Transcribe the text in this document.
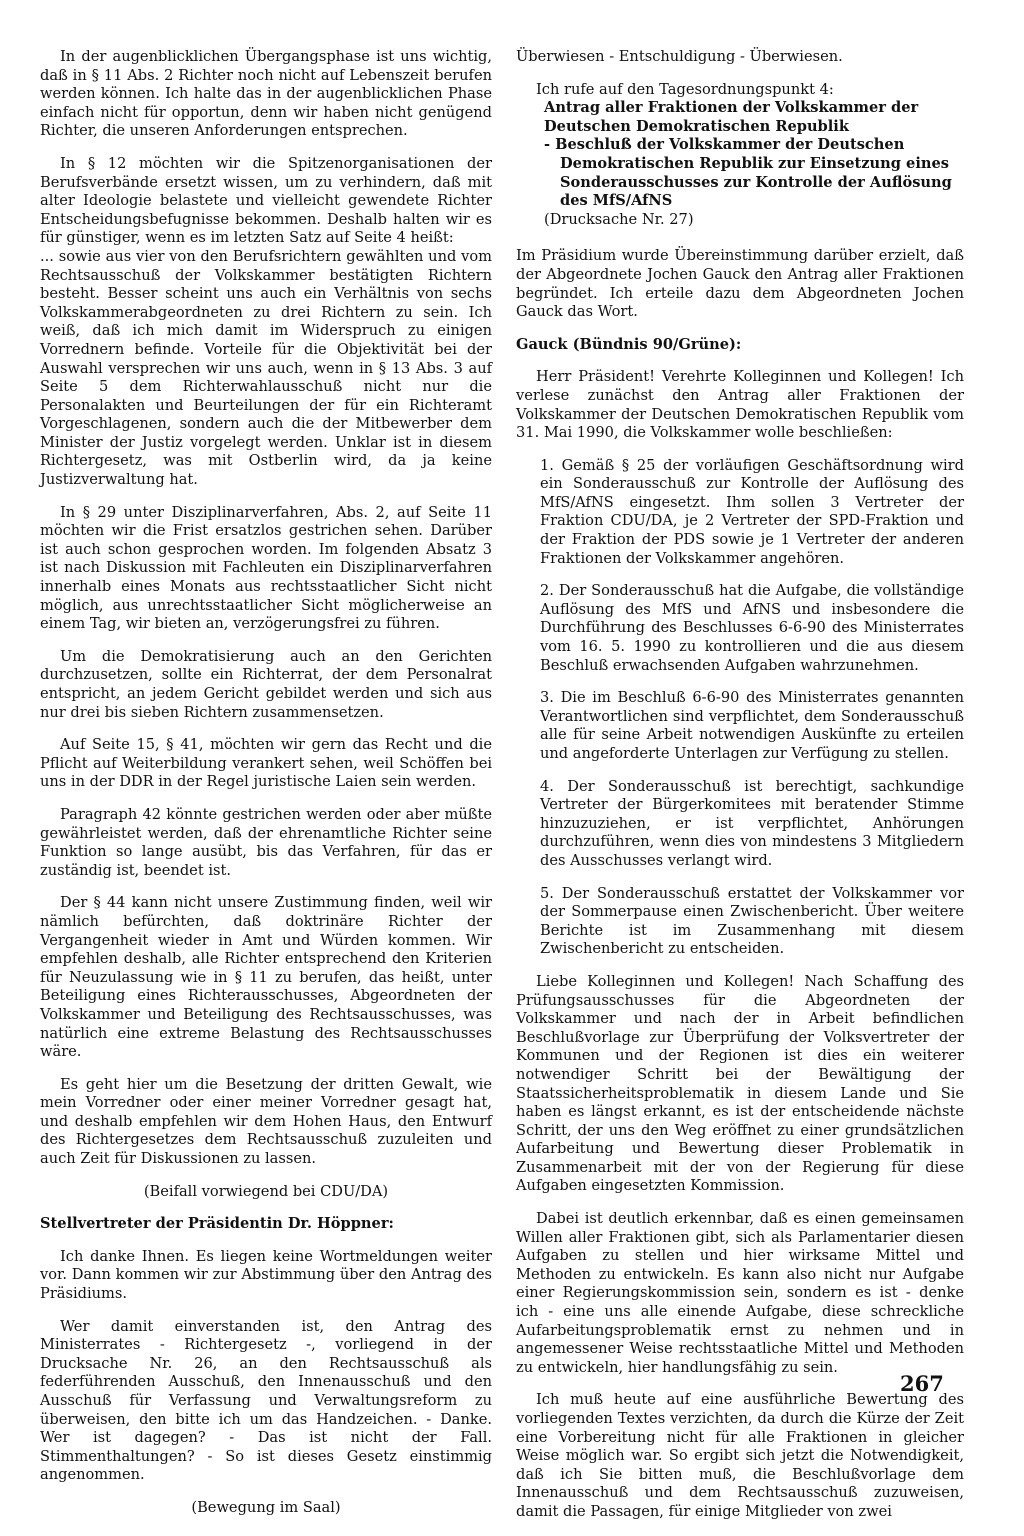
In der augenblicklichen Übergangsphase ist uns wichtig, daß in § 11 Abs. 2 Richter noch nicht auf Lebenszeit berufen werden können. Ich halte das in der augenblicklichen Phase einfach nicht für opportun, denn wir haben nicht genügend Richter, die unseren Anforderungen entsprechen.

In § 12 möchten wir die Spitzenorganisationen der Berufsverbände ersetzt wissen, um zu verhindern, daß mit alter Ideologie belastete und vielleicht gewendete Richter Entscheidungsbefugnisse bekommen. Deshalb halten wir es für günstiger, wenn es im letzten Satz auf Seite 4 heißt:

... sowie aus vier von den Berufsrichtern gewählten und vom Rechtsausschuß der Volkskammer bestätigten Richtern besteht. Besser scheint uns auch ein Verhältnis von sechs Volkskammerabgeordneten zu drei Richtern zu sein. Ich weiß, daß ich mich damit im Widerspruch zu einigen Vorrednern befinde. Vorteile für die Objektivität bei der Auswahl versprechen wir uns auch, wenn in § 13 Abs. 3 auf Seite 5 dem Richterwahlausschuß nicht nur die Personalakten und Beurteilungen der für ein Richteramt Vorgeschlagenen, sondern auch die der Mitbewerber dem Minister der Justiz vorgelegt werden. Unklar ist in diesem Richtergesetz, was mit Ostberlin wird, da ja keine Justizverwaltung hat.

In § 29 unter Disziplinarverfahren, Abs. 2, auf Seite 11 möchten wir die Frist ersatzlos gestrichen sehen. Darüber ist auch schon gesprochen worden. Im folgenden Absatz 3 ist nach Diskussion mit Fachleuten ein Disziplinarverfahren innerhalb eines Monats aus rechtsstaatlicher Sicht nicht möglich, aus unrechtsstaatlicher Sicht möglicherweise an einem Tag, wir bieten an, verzögerungsfrei zu führen.

Um die Demokratisierung auch an den Gerichten durchzusetzen, sollte ein Richterrat, der dem Personalrat entspricht, an jedem Gericht gebildet werden und sich aus nur drei bis sieben Richtern zusammensetzen.

Auf Seite 15, § 41, möchten wir gern das Recht und die Pflicht auf Weiterbildung verankert sehen, weil Schöffen bei uns in der DDR in der Regel juristische Laien sein werden.

Paragraph 42 könnte gestrichen werden oder aber müßte gewährleistet werden, daß der ehrenamtliche Richter seine Funktion so lange ausübt, bis das Verfahren, für das er zuständig ist, beendet ist.

Der § 44 kann nicht unsere Zustimmung finden, weil wir nämlich befürchten, daß doktrinäre Richter der Vergangenheit wieder in Amt und Würden kommen. Wir empfehlen deshalb, alle Richter entsprechend den Kriterien für Neuzulassung wie in § 11 zu berufen, das heißt, unter Beteiligung eines Richterausschusses, Abgeordneten der Volkskammer und Beteiligung des Rechtsausschusses, was natürlich eine extreme Belastung des Rechtsausschusses wäre.

Es geht hier um die Besetzung der dritten Gewalt, wie mein Vorredner oder einer meiner Vorredner gesagt hat, und deshalb empfehlen wir dem Hohen Haus, den Entwurf des Richtergesetzes dem Rechtsausschuß zuzuleiten und auch Zeit für Diskussionen zu lassen.

(Beifall vorwiegend bei CDU/DA)

Stellvertreter der Präsidentin Dr. Höppner:

Ich danke Ihnen. Es liegen keine Wortmeldungen weiter vor. Dann kommen wir zur Abstimmung über den Antrag des Präsidiums.

Wer damit einverstanden ist, den Antrag des Ministerrates - Richtergesetz -, vorliegend in der Drucksache Nr. 26, an den Rechtsausschuß als federführenden Ausschuß, den Innenausschuß und den Ausschuß für Verfassung und Verwaltungsreform zu überweisen, den bitte ich um das Handzeichen. - Danke. Wer ist dagegen? - Das ist nicht der Fall. Stimmenthaltungen? - So ist dieses Gesetz einstimmig angenommen.

(Bewegung im Saal)

Überwiesen - Entschuldigung - Überwiesen.

Ich rufe auf den Tagesordnungspunkt 4:

Antrag aller Fraktionen der Volkskammer der Deutschen Demokratischen Republik

- Beschluß der Volkskammer der Deutschen Demokratischen Republik zur Einsetzung eines Sonderausschusses zur Kontrolle der Auflösung des MfS/AfNS

(Drucksache Nr. 27)

Im Präsidium wurde Übereinstimmung darüber erzielt, daß der Abgeordnete Jochen Gauck den Antrag aller Fraktionen begründet. Ich erteile dazu dem Abgeordneten Jochen Gauck das Wort.

Gauck (Bündnis 90/Grüne):

Herr Präsident! Verehrte Kolleginnen und Kollegen! Ich verlese zunächst den Antrag aller Fraktionen der Volkskammer der Deutschen Demokratischen Republik vom 31. Mai 1990, die Volkskammer wolle beschließen:

1. Gemäß § 25 der vorläufigen Geschäftsordnung wird ein Sonderausschuß zur Kontrolle der Auflösung des MfS/AfNS eingesetzt. Ihm sollen 3 Vertreter der Fraktion CDU/DA, je 2 Vertreter der SPD-Fraktion und der Fraktion der PDS sowie je 1 Vertreter der anderen Fraktionen der Volkskammer angehören.

2. Der Sonderausschuß hat die Aufgabe, die vollständige Auflösung des MfS und AfNS und insbesondere die Durchführung des Beschlusses 6-6-90 des Ministerrates vom 16. 5. 1990 zu kontrollieren und die aus diesem Beschluß erwachsenden Aufgaben wahrzunehmen.

3. Die im Beschluß 6-6-90 des Ministerrates genannten Verantwortlichen sind verpflichtet, dem Sonderausschuß alle für seine Arbeit notwendigen Auskünfte zu erteilen und angeforderte Unterlagen zur Verfügung zu stellen.

4. Der Sonderausschuß ist berechtigt, sachkundige Vertreter der Bürgerkomitees mit beratender Stimme hinzuzuziehen, er ist verpflichtet, Anhörungen durchzuführen, wenn dies von mindestens 3 Mitgliedern des Ausschusses verlangt wird.

5. Der Sonderausschuß erstattet der Volkskammer vor der Sommerpause einen Zwischenbericht. Über weitere Berichte ist im Zusammenhang mit diesem Zwischenbericht zu entscheiden.

Liebe Kolleginnen und Kollegen! Nach Schaffung des Prüfungsausschusses für die Abgeordneten der Volkskammer und nach der in Arbeit befindlichen Beschlußvorlage zur Überprüfung der Volksvertreter der Kommunen und der Regionen ist dies ein weiterer notwendiger Schritt bei der Bewältigung der Staatssicherheitsproblematik in diesem Lande und Sie haben es längst erkannt, es ist der entscheidende nächste Schritt, der uns den Weg eröffnet zu einer grundsätzlichen Aufarbeitung und Bewertung dieser Problematik in Zusammenarbeit mit der von der Regierung für diese Aufgaben eingesetzten Kommission.

Dabei ist deutlich erkennbar, daß es einen gemeinsamen Willen aller Fraktionen gibt, sich als Parlamentarier diesen Aufgaben zu stellen und hier wirksame Mittel und Methoden zu entwickeln. Es kann also nicht nur Aufgabe einer Regierungskommission sein, sondern es ist - denke ich - eine uns alle einende Aufgabe, diese schreckliche Aufarbeitungsproblematik ernst zu nehmen und in angemessener Weise rechtsstaatliche Mittel und Methoden zu entwickeln, hier handlungsfähig zu sein.

Ich muß heute auf eine ausführliche Bewertung des vorliegenden Textes verzichten, da durch die Kürze der Zeit eine Vorbereitung nicht für alle Fraktionen in gleicher Weise möglich war. So ergibt sich jetzt die Notwendigkeit, daß ich Sie bitten muß, die Beschlußvorlage dem Innenausschuß und dem Rechtsausschuß zuzuweisen, damit die Passagen, für einige Mitglieder von zwei

267
